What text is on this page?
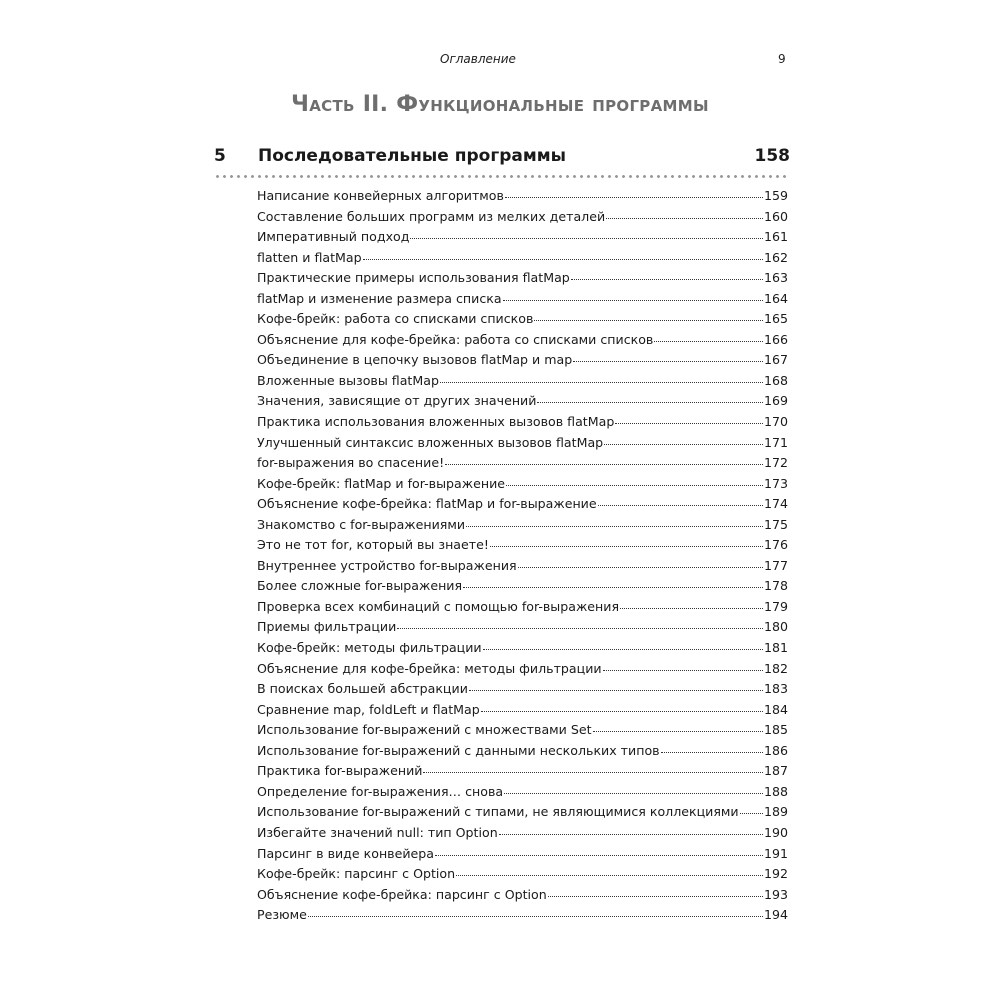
Оглавление	9
Часть II. Функциональные программы
5 Последовательные программы	158
Написание конвейерных алгоритмов	159
Составление больших программ из мелких деталей	160
Императивный подход	161
flatten и flatMap	162
Практические примеры использования flatMap	163
flatMap и изменение размера списка	164
Кофе-брейк: работа со списками списков	165
Объяснение для кофе-брейка: работа со списками списков	166
Объединение в цепочку вызовов flatMap и map	167
Вложенные вызовы flatMap	168
Значения, зависящие от других значений	169
Практика использования вложенных вызовов flatMap	170
Улучшенный синтаксис вложенных вызовов flatMap	171
for-выражения во спасение!	172
Кофе-брейк: flatMap и for-выражение	173
Объяснение кофе-брейка: flatMap и for-выражение	174
Знакомство с for-выражениями	175
Это не тот for, который вы знаете!	176
Внутреннее устройство for-выражения	177
Более сложные for-выражения	178
Проверка всех комбинаций с помощью for-выражения	179
Приемы фильтрации	180
Кофе-брейк: методы фильтрации	181
Объяснение для кофе-брейка: методы фильтрации	182
В поисках большей абстракции	183
Сравнение map, foldLeft и flatMap	184
Использование for-выражений с множествами Set	185
Использование for-выражений с данными нескольких типов	186
Практика for-выражений	187
Определение for-выражения… снова	188
Использование for-выражений с типами, не являющимися коллекциями 189
Избегайте значений null: тип Option	190
Парсинг в виде конвейера	191
Кофе-брейк: парсинг с Option	192
Объяснение кофе-брейка: парсинг с Option	193
Резюме	194
